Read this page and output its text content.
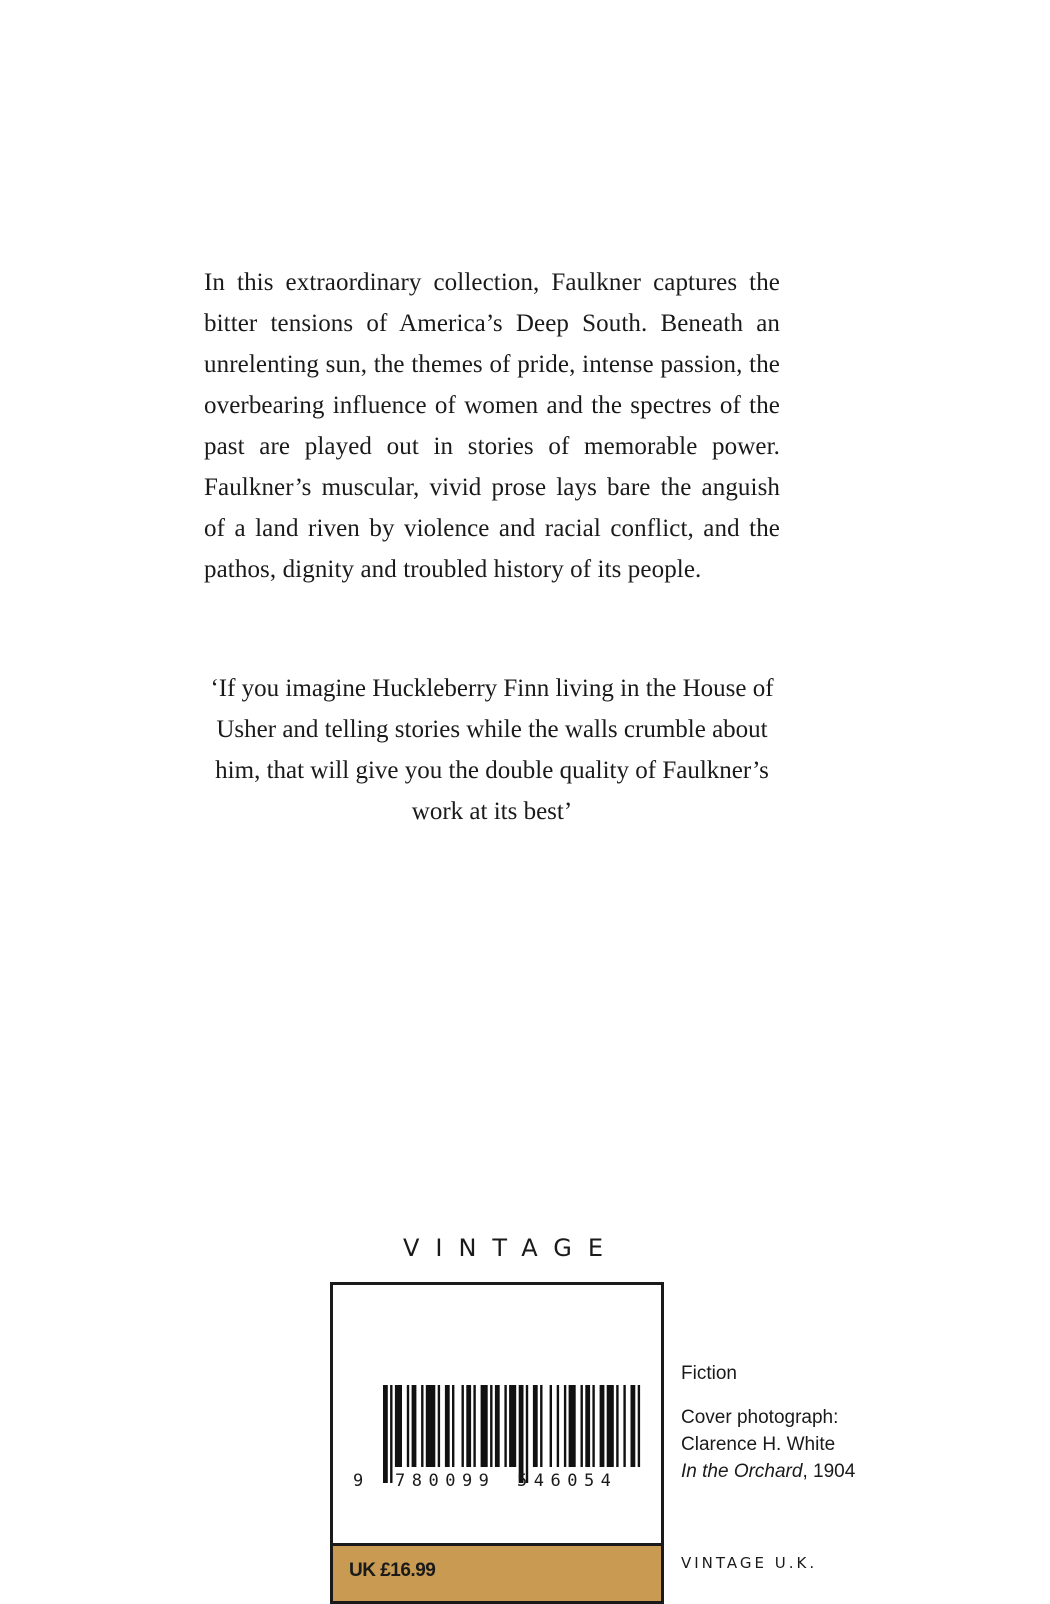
In this extraordinary collection, Faulkner captures the bitter tensions of America’s Deep South. Beneath an unrelenting sun, the themes of pride, intense passion, the overbearing influence of women and the spectres of the past are played out in stories of memorable power. Faulkner’s muscular, vivid prose lays bare the anguish of a land riven by violence and racial conflict, and the pathos, dignity and troubled history of its people.
‘If you imagine Huckleberry Finn living in the House of Usher and telling stories while the walls crumble about him, that will give you the double quality of Faulkner’s work at its best’
VINTAGE
9 780099 546054
UK £16.99
Fiction
Cover photograph:
Clarence H. White
In the Orchard, 1904
VINTAGE U.K.
